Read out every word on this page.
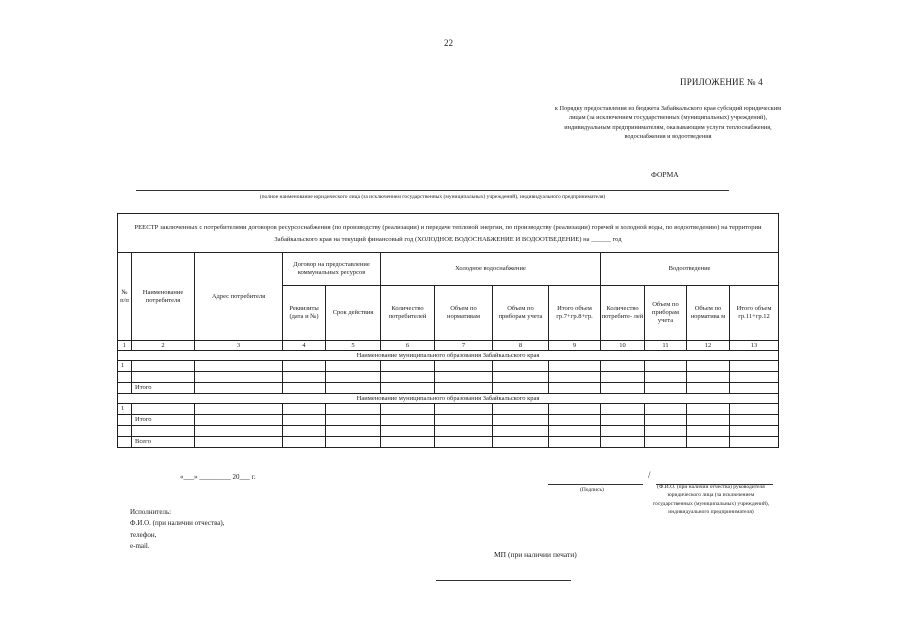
22
ПРИЛОЖЕНИЕ № 4
к Порядку предоставления из бюджета Забайкальского края субсидий юридическим лицам (за исключением государственных (муниципальных) учреждений), индивидуальным предпринимателям, оказывающим услуги теплоснабжения, водоснабжения и водоотведения
ФОРМА
(полное наименование юридического лица (за исключением государственных (муниципальных) учреждений), индивидуального предпринимателя)
РЕЕСТР заключенных с потребителями договоров ресурсоснабжения (по производству (реализации) и передаче тепловой энергии, по производству (реализации) горячей и холодной воды, по водоотведению) на территории Забайкальского края на текущий финансовый год (ХОЛОДНОЕ ВОДОСНАБЖЕНИЕ И ВОДООТВЕДЕНИЕ) на ______ год												
№ п/п	Наименование потребителя	Адрес потребителя	Договор на предоставление коммунальных ресурсов		Холодное водоснабжение				Водоотведение			
			Реквизиты (дата и №)	Срок действия	Количество потребителей	Объем по нормативам	Объем по приборам учета	Итого объем гр.7+гр.8+гр.	Количество потребите- лей	Объем по приборам учета	Объем по норматива м	Итого объем гр.11+гр.12
1	2	3	4	5	6	7	8	9	10	11	12	13
Наименование муниципального образования Забайкальского края												
1												

	Итого											
Наименование муниципального образования Забайкальского края												
1												
	Итого											

	Всего											
«___» _________ 20___ г.	/
(Подпись)	(Ф.И.О. (при наличии отчества) руководителя юридического лица (за исключением государственных (муниципальных) учреждений), индивидуального предпринимателя)
Исполнитель:
Ф.И.О. (при наличии отчества),
телефон,
e-mail.
МП (при наличии печати)
